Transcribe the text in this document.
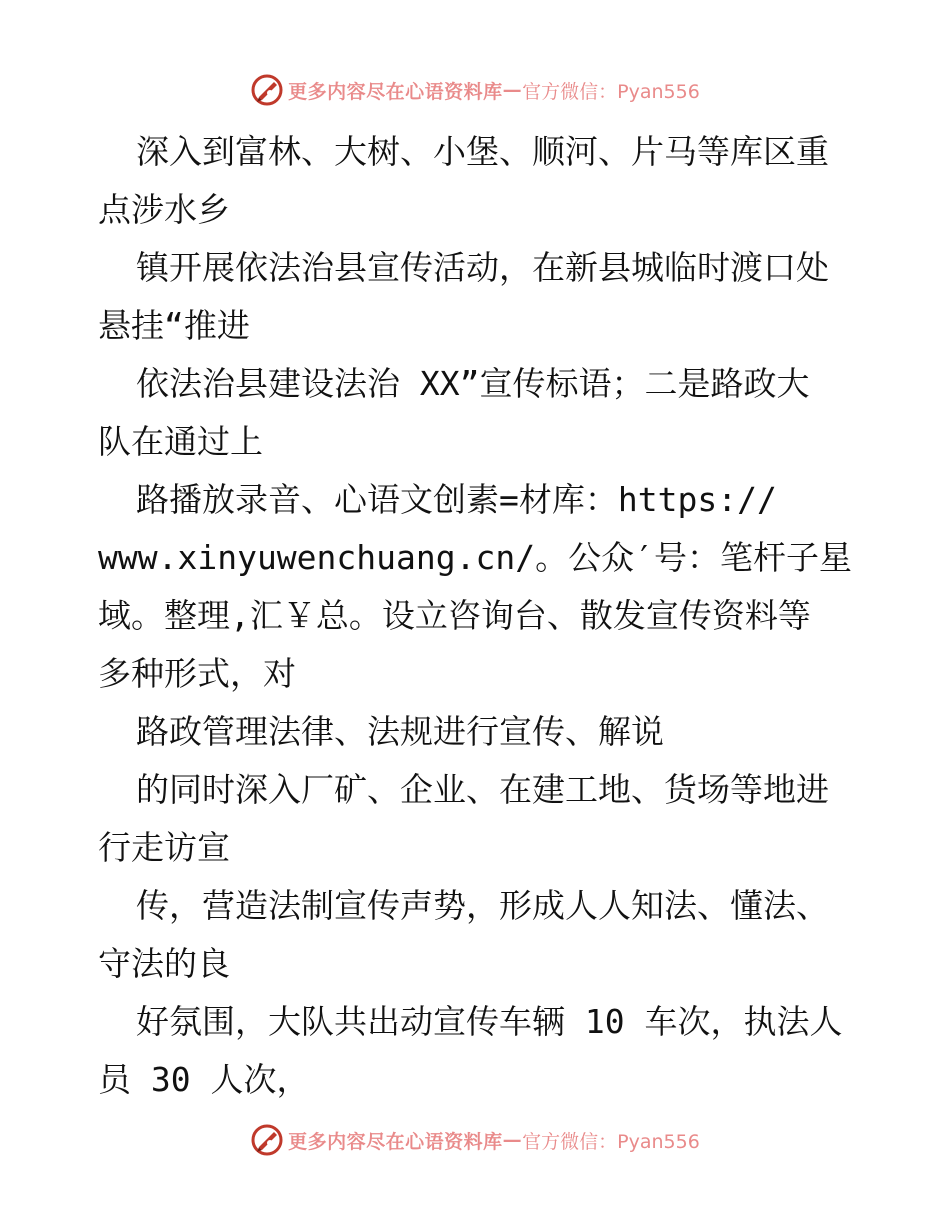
更多内容尽在心语资料库 — 官方微信：Pyan556
深入到富林、大树、小堡、顺河、片马等库区重
点涉水乡
镇开展依法治县宣传活动，在新县城临时渡口处
悬挂“推进
依法治县建设法治 XX”宣传标语；二是路政大
队在通过上
路播放录音、心语文创素=材库：https://
www.xinyuwenchuang.cn/。公众′号：笔杆子星
域。整理,汇￥总。设立咨询台、散发宣传资料等
多种形式，对
路政管理法律、法规进行宣传、解说
的同时深入厂矿、企业、在建工地、货场等地进
行走访宣
传，营造法制宣传声势，形成人人知法、懂法、
守法的良
好氛围，大队共出动宣传车辆 10 车次，执法人
员 30 人次，
更多内容尽在心语资料库 — 官方微信：Pyan556
